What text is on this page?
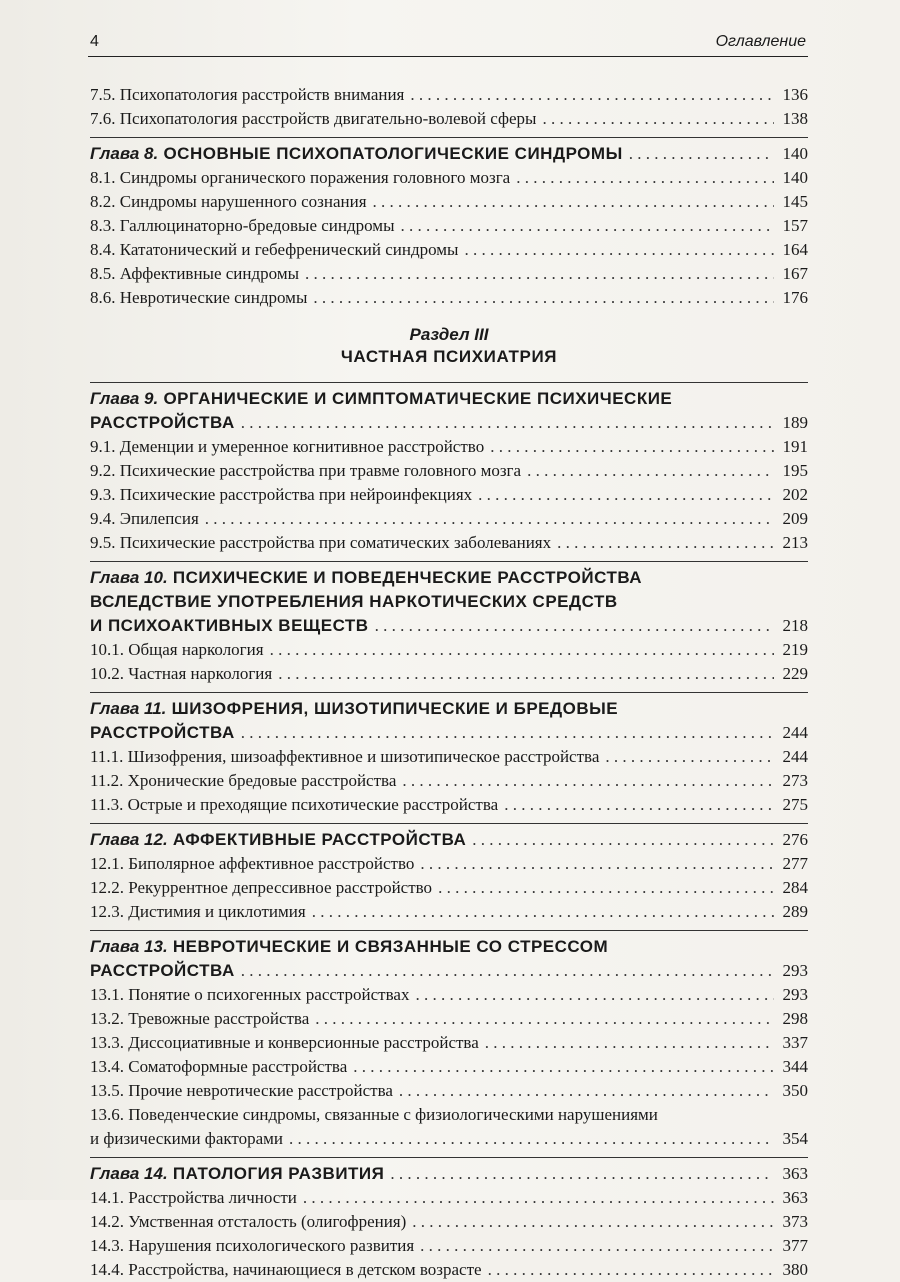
4	Оглавление
7.5. Психопатология расстройств внимания . . .	136
7.6. Психопатология расстройств двигательно-волевой сферы . . .	138
Глава 8. ОСНОВНЫЕ ПСИХОПАТОЛОГИЧЕСКИЕ СИНДРОМЫ . . .	140
8.1. Синдромы органического поражения головного мозга . . .	140
8.2. Синдромы нарушенного сознания . . .	145
8.3. Галлюцинаторно-бредовые синдромы . . .	157
8.4. Кататонический и гебефренический синдромы . . .	164
8.5. Аффективные синдромы . . .	167
8.6. Невротические синдромы . . .	176
Раздел III
ЧАСТНАЯ ПСИХИАТРИЯ
Глава 9. ОРГАНИЧЕСКИЕ И СИМПТОМАТИЧЕСКИЕ ПСИХИЧЕСКИЕ
РАССТРОЙСТВА . . .	189
9.1. Деменции и умеренное когнитивное расстройство . . .	191
9.2. Психические расстройства при травме головного мозга . . .	195
9.3. Психические расстройства при нейроинфекциях . . .	202
9.4. Эпилепсия . . .	209
9.5. Психические расстройства при соматических заболеваниях . . .	213
Глава 10. ПСИХИЧЕСКИЕ И ПОВЕДЕНЧЕСКИЕ РАССТРОЙСТВА
ВСЛЕДСТВИЕ УПОТРЕБЛЕНИЯ НАРКОТИЧЕСКИХ СРЕДСТВ
И ПСИХОАКТИВНЫХ ВЕЩЕСТВ . . .	218
10.1. Общая наркология . . .	219
10.2. Частная наркология . . .	229
Глава 11. ШИЗОФРЕНИЯ, ШИЗОТИПИЧЕСКИЕ И БРЕДОВЫЕ
РАССТРОЙСТВА . . .	244
11.1. Шизофрения, шизоаффективное и шизотипическое расстройства . . .	244
11.2. Хронические бредовые расстройства . . .	273
11.3. Острые и преходящие психотические расстройства . . .	275
Глава 12. АФФЕКТИВНЫЕ РАССТРОЙСТВА . . .	276
12.1. Биполярное аффективное расстройство . . .	277
12.2. Рекуррентное депрессивное расстройство . . .	284
12.3. Дистимия и циклотимия . . .	289
Глава 13. НЕВРОТИЧЕСКИЕ И СВЯЗАННЫЕ СО СТРЕССОМ
РАССТРОЙСТВА . . .	293
13.1. Понятие о психогенных расстройствах . . .	293
13.2. Тревожные расстройства . . .	298
13.3. Диссоциативные и конверсионные расстройства . . .	337
13.4. Соматоформные расстройства . . .	344
13.5. Прочие невротические расстройства . . .	350
13.6. Поведенческие синдромы, связанные с физиологическими нарушениями
и физическими факторами . . .	354
Глава 14. ПАТОЛОГИЯ РАЗВИТИЯ . . .	363
14.1. Расстройства личности . . .	363
14.2. Умственная отсталость (олигофрения) . . .	373
14.3. Нарушения психологического развития . . .	377
14.4. Расстройства, начинающиеся в детском возрасте . . .	380
